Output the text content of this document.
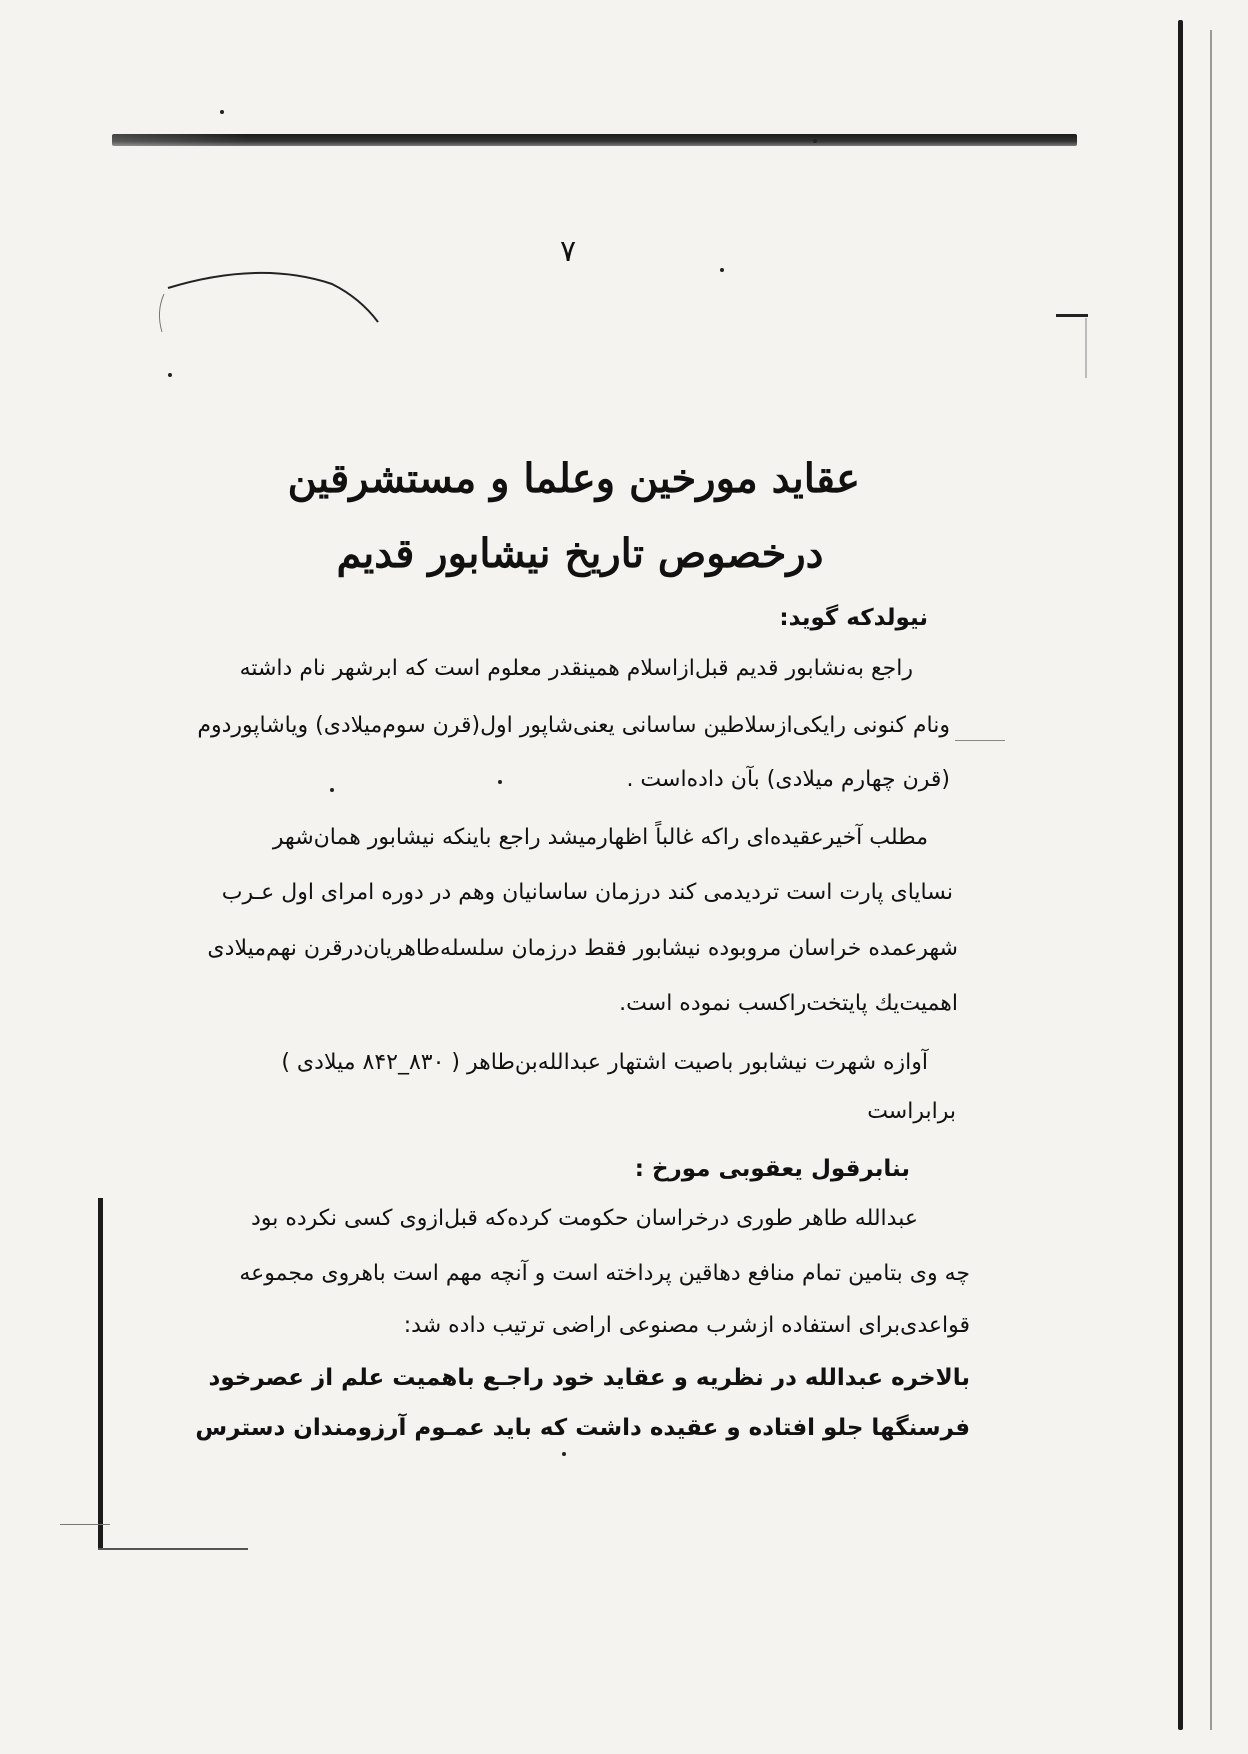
۷
عقاید مورخین وعلما و مستشرقین
درخصوص تاریخ نیشابور قدیم
نیولدکه گوید:
راجع به‌نشابور قدیم قبل‌ازاسلام همینقدر معلوم است که ابرشهر نام داشته
ونام کنونی رایکی‌ازسلاطین ساسانی یعنی‌شاپور اول(قرن سوم‌میلادی) ویاشاپوردوم
(قرن چهارم میلادی) بآن داده‌است .
مطلب آخیرعقیده‌ای راکه غالباً اظهارمیشد راجع باینکه نیشابور همان‌شهر
نسایای پارت است تردیدمی کند درزمان ساسانیان وهم در دوره امرای اول عـرب
شهرعمده خراسان مروبوده نیشابور فقط درزمان سلسله‌طاهریان‌درقرن نهم‌میلادی
اهمیت‌یك پایتخت‌راکسب نموده است.
آوازه شهرت نیشابور باصیت اشتهار عبدالله‌بن‌طاهر ( ۸۳۰_۸۴۲ میلادی )
برابراست
بنابرقول یعقوبی مورخ :
عبدالله طاهر طوری درخراسان حکومت کرده‌که قبل‌ازوی کسی نکرده بود
چه وی بتامین تمام منافع دهاقین پرداخته است و آنچه مهم است باهروی مجموعه
قواعدی‌برای استفاده ازشرب مصنوعی اراضی ترتیب داده شد:
بالاخره عبدالله در نظریه و عقاید خود راجـع باهمیت علم از عصرخود
فرسنگها جلو افتاده و عقیده داشت که باید عمـوم آرزومندان دسترس
